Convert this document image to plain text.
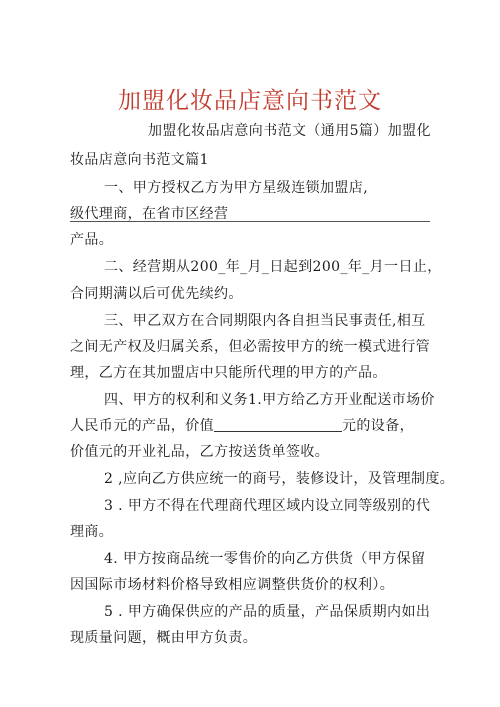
加盟化妆品店意向书范文
加盟化妆品店意向书范文（通用5篇）加盟化
妆品店意向书范文篇1
一、甲方授权乙方为甲方星级连锁加盟店,
级代理商，在省市区经营
产品。
二、经营期从200_年_月_日起到200_年_月一日止，
合同期满以后可优先续约。
三、甲乙双方在合同期限内各自担当民事责任,相互
之间无产权及归属关系，但必需按甲方的统一模式进行管
理，乙方在其加盟店中只能所代理的甲方的产品。
四、甲方的权利和义务1.甲方给乙方开业配送市场价
人民币元的产品，价值	元的设备，
价值元的开业礼品，乙方按送货单签收。
2 ,应向乙方供应统一的商号，装修设计，及管理制度。
3 . 甲方不得在代理商代理区域内设立同等级别的代
理商。
4. 甲方按商品统一零售价的向乙方供货（甲方保留
因国际市场材料价格导致相应调整供货价的权利）。
5 . 甲方确保供应的产品的质量，产品保质期内如出
现质量问题，概由甲方负责。
